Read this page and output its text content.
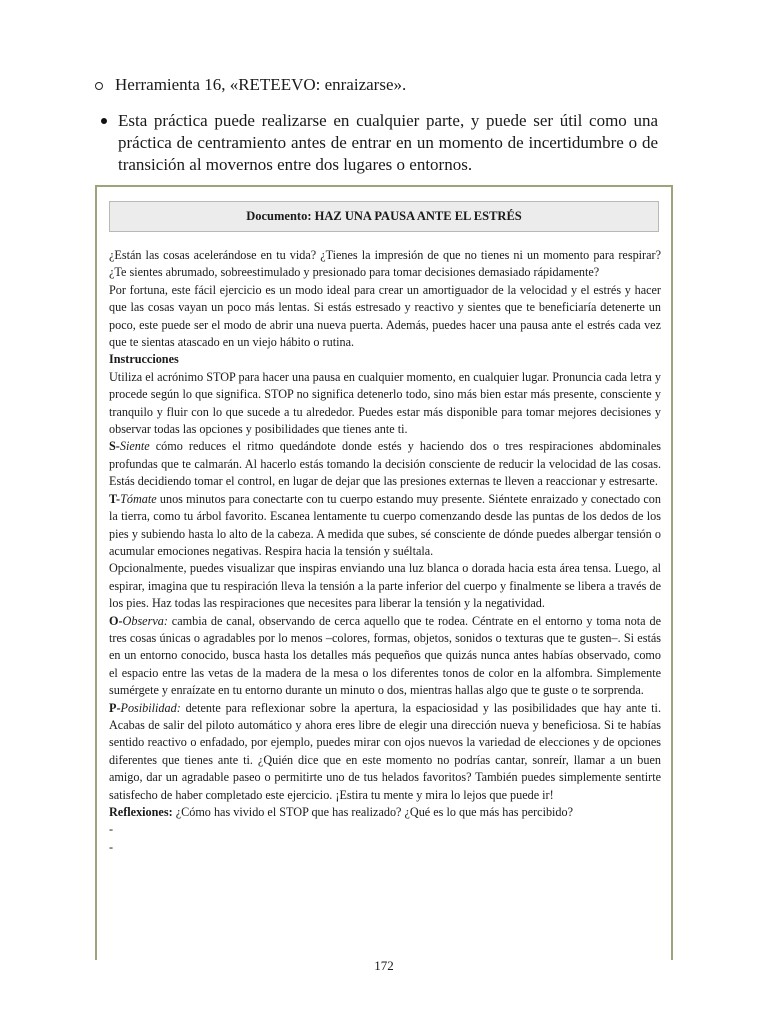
Herramienta 16, «RETEEVO: enraizarse».
Esta práctica puede realizarse en cualquier parte, y puede ser útil como una práctica de centramiento antes de entrar en un momento de incertidumbre o de transición al movernos entre dos lugares o entornos.
Documento: HAZ UNA PAUSA ANTE EL ESTRÉS

¿Están las cosas acelerándose en tu vida? ¿Tienes la impresión de que no tienes ni un momento para respirar? ¿Te sientes abrumado, sobreestimulado y presionado para tomar decisiones demasiado rápidamente?

Por fortuna, este fácil ejercicio es un modo ideal para crear un amortiguador de la velocidad y el estrés y hacer que las cosas vayan un poco más lentas. Si estás estresado y reactivo y sientes que te beneficiaría detenerte un poco, este puede ser el modo de abrir una nueva puerta. Además, puedes hacer una pausa ante el estrés cada vez que te sientas atascado en un viejo hábito o rutina.

Instrucciones

Utiliza el acrónimo STOP para hacer una pausa en cualquier momento, en cualquier lugar. Pronuncia cada letra y procede según lo que significa. STOP no significa detenerlo todo, sino más bien estar más presente, consciente y tranquilo y fluir con lo que sucede a tu alrededor. Puedes estar más disponible para tomar mejores decisiones y observar todas las opciones y posibilidades que tienes ante ti.

S-Siente cómo reduces el ritmo quedándote donde estés y haciendo dos o tres respiraciones abdominales profundas que te calmarán. Al hacerlo estás tomando la decisión consciente de reducir la velocidad de las cosas. Estás decidiendo tomar el control, en lugar de dejar que las presiones externas te lleven a reaccionar y estresarte.

T-Tómate unos minutos para conectarte con tu cuerpo estando muy presente. Siéntete enraizado y conectado con la tierra, como tu árbol favorito. Escanea lentamente tu cuerpo comenzando desde las puntas de los dedos de los pies y subiendo hasta lo alto de la cabeza. A medida que subes, sé consciente de dónde puedes albergar tensión o acumular emociones negativas. Respira hacia la tensión y suéltala.

Opcionalmente, puedes visualizar que inspiras enviando una luz blanca o dorada hacia esta área tensa. Luego, al espirar, imagina que tu respiración lleva la tensión a la parte inferior del cuerpo y finalmente se libera a través de los pies. Haz todas las respiraciones que necesites para liberar la tensión y la negatividad.

O-Observa: cambia de canal, observando de cerca aquello que te rodea. Céntrate en el entorno y toma nota de tres cosas únicas o agradables por lo menos –colores, formas, objetos, sonidos o texturas que te gusten–. Si estás en un entorno conocido, busca hasta los detalles más pequeños que quizás nunca antes habías observado, como el espacio entre las vetas de la madera de la mesa o los diferentes tonos de color en la alfombra. Simplemente sumérgete y enraízate en tu entorno durante un minuto o dos, mientras hallas algo que te guste o te sorprenda.

P-Posibilidad: detente para reflexionar sobre la apertura, la espaciosidad y las posibilidades que hay ante ti. Acabas de salir del piloto automático y ahora eres libre de elegir una dirección nueva y beneficiosa. Si te habías sentido reactivo o enfadado, por ejemplo, puedes mirar con ojos nuevos la variedad de elecciones y de opciones diferentes que tienes ante ti. ¿Quién dice que en este momento no podrías cantar, sonreír, llamar a un buen amigo, dar un agradable paseo o permitirte uno de tus helados favoritos? También puedes simplemente sentirte satisfecho de haber completado este ejercicio. ¡Estira tu mente y mira lo lejos que puede ir!

Reflexiones: ¿Cómo has vivido el STOP que has realizado? ¿Qué es lo que más has percibido?

-

-

172
